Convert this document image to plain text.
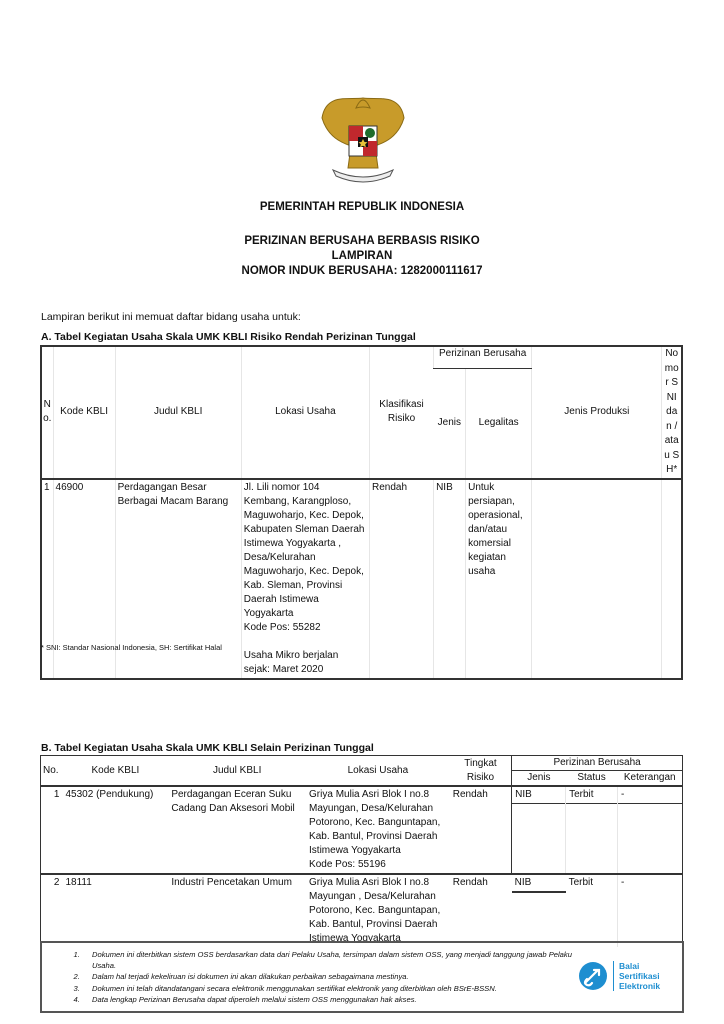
PEMERINTAH REPUBLIK INDONESIA
PERIZINAN BERUSAHA BERBASIS RISIKO
LAMPIRAN
NOMOR INDUK BERUSAHA: 1282000111617
Lampiran berikut ini memuat daftar bidang usaha untuk:
A. Tabel Kegiatan Usaha Skala UMK KBLI Risiko Rendah Perizinan Tunggal
N o.	Kode KBLI	Judul KBLI	Lokasi Usaha	Klasifikasi Risiko	Perizinan Berusaha		Jenis Produksi	No mor SNI dan /ata u SH*
					Jenis	Legalitas		
1	46900	Perdagangan Besar Berbagai Macam Barang	Jl. Lili nomor 104 Kembang, Karangploso, Maguwoharjo, Kec. Depok, Kabupaten Sleman Daerah Istimewa Yogyakarta , Desa/Kelurahan Maguwoharjo, Kec. Depok, Kab. Sleman, Provinsi Daerah Istimewa Yogyakarta
Kode Pos: 55282
Usaha Mikro berjalan sejak: Maret 2020	Rendah	NIB	Untuk persiapan, operasional, dan/atau komersial kegiatan usaha		
* SNI: Standar Nasional Indonesia, SH: Sertifikat Halal
B. Tabel Kegiatan Usaha Skala UMK KBLI Selain Perizinan Tunggal
No.	Kode KBLI	Judul KBLI	Lokasi Usaha	Tingkat Risiko	Perizinan Berusaha		
					Jenis	Status	Keterangan
1	45302 (Pendukung)	Perdagangan Eceran Suku Cadang Dan Aksesori Mobil	Griya Mulia Asri Blok I no.8 Mayungan, Desa/Kelurahan Potorono, Kec. Banguntapan, Kab. Bantul, Provinsi Daerah Istimewa Yogyakarta
Kode Pos: 55196	Rendah	NIB	Terbit	-

2	18111	Industri Pencetakan Umum	Griya Mulia Asri Blok I no.8 Mayungan , Desa/Kelurahan Potorono, Kec. Banguntapan, Kab. Bantul, Provinsi Daerah Istimewa Yogyakarta	Rendah	NIB	Terbit	-
1. Dokumen ini diterbitkan sistem OSS berdasarkan data dari Pelaku Usaha, tersimpan dalam sistem OSS, yang menjadi tanggung jawab Pelaku Usaha.
2. Dalam hal terjadi kekeliruan isi dokumen ini akan dilakukan perbaikan sebagaimana mestinya.
3. Dokumen ini telah ditandatangani secara elektronik menggunakan sertifikat elektronik yang diterbitkan oleh BSrE-BSSN.
4. Data lengkap Perizinan Berusaha dapat diperoleh melalui sistem OSS menggunakan hak akses.
Balai
Sertifikasi
Elektronik
